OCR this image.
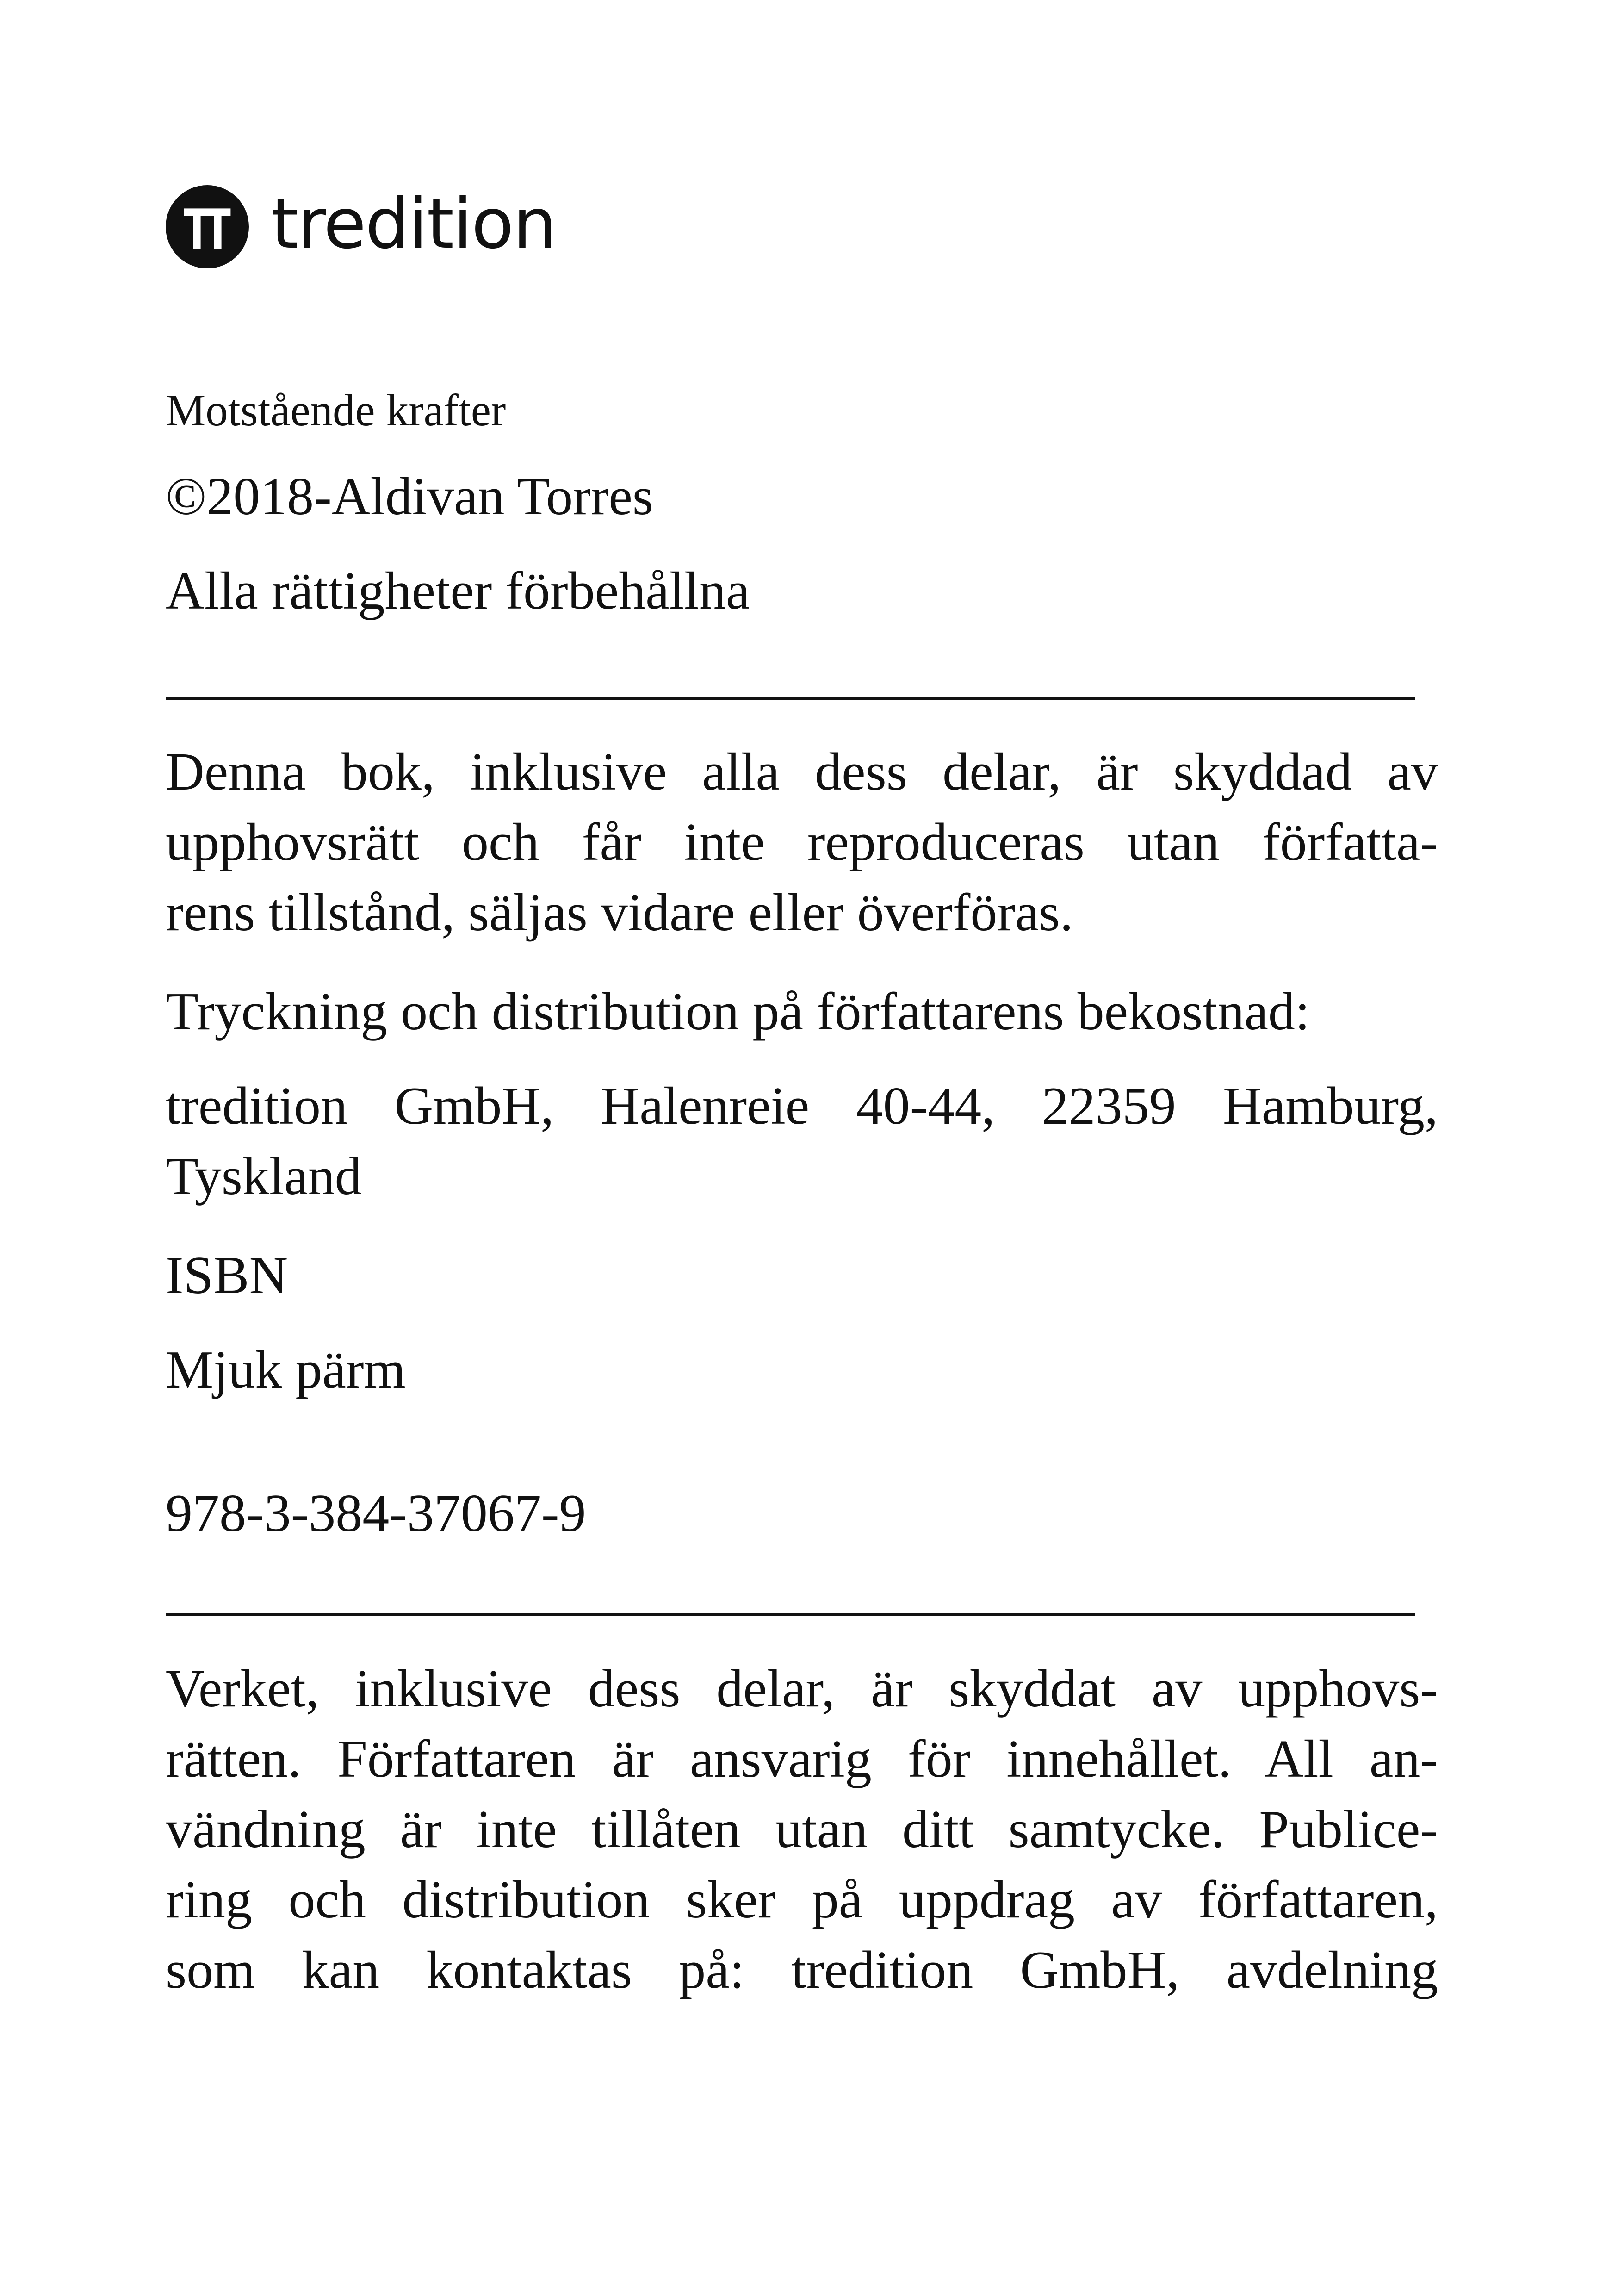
tredition

Motstående krafter

©2018-Aldivan Torres

Alla rättigheter förbehållna

Denna bok, inklusive alla dess delar, är skyddad av
upphovsrätt och får inte reproduceras utan författa-
rens tillstånd, säljas vidare eller överföras.

Tryckning och distribution på författarens bekostnad:

tredition GmbH, Halenreie 40-44, 22359 Hamburg,
Tyskland

ISBN

Mjuk pärm

978-3-384-37067-9

Verket, inklusive dess delar, är skyddat av upphovs-
rätten. Författaren är ansvarig för innehållet. All an-
vändning är inte tillåten utan ditt samtycke. Publice-
ring och distribution sker på uppdrag av författaren,
som kan kontaktas på: tredition GmbH, avdelning
